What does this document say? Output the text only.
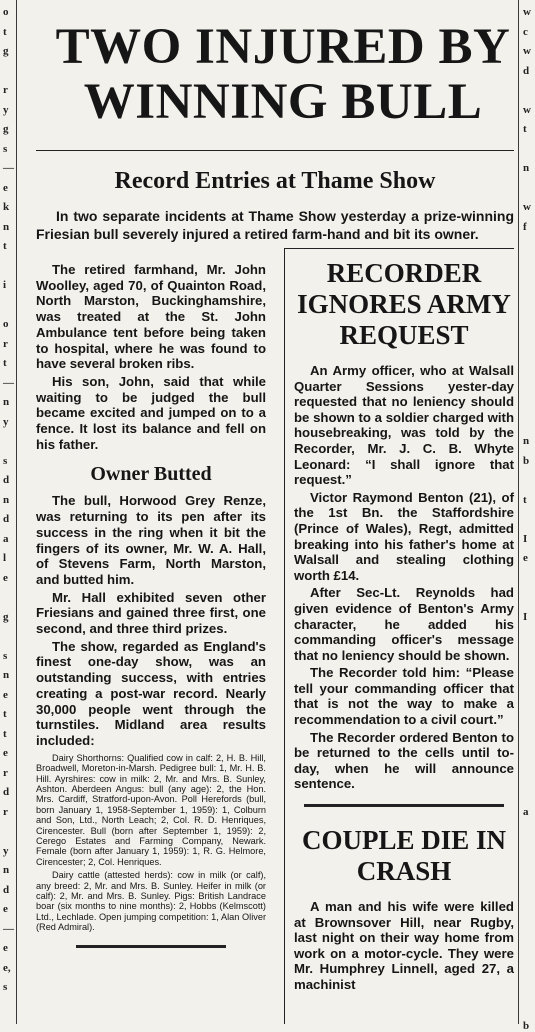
o
t
g
r
y
g
s
—
e
k
n
t
i
o
r
t
—
n
y
s
d
n
d
a
l
e
g
s
n
e
t
t
e
r
d
r
y
n
d
e
—
e
e,
s
w
c
w
d
w
t
n
w
f
n
b
t
I
e
I
a
b
TWO INJURED BY WINNING BULL
Record Entries at Thame Show

In two separate incidents at Thame Show yesterday a prize-winning Friesian bull severely injured a retired farm-hand and bit its owner.

The retired farmhand, Mr. John Woolley, aged 70, of Quainton Road, North Marston, Buckinghamshire, was treated at the St. John Ambulance tent before being taken to hospital, where he was found to have several broken ribs.

His son, John, said that while waiting to be judged the bull became excited and jumped on to a fence. It lost its balance and fell on his father.

Owner Butted

The bull, Horwood Grey Renze, was returning to its pen after its success in the ring when it bit the fingers of its owner, Mr. W. A. Hall, of Stevens Farm, North Marston, and butted him.

Mr. Hall exhibited seven other Friesians and gained three first, one second, and three third prizes.

The show, regarded as England's finest one-day show, was an outstanding success, with entries creating a post-war record. Nearly 30,000 people went through the turnstiles. Midland area results included:

Dairy Shorthorns: Qualified cow in calf: 2, H. B. Hill, Broadwell, Moreton-in-Marsh. Pedigree bull: 1, Mr. H. B. Hill. Ayrshires: cow in milk: 2, Mr. and Mrs. B. Sunley, Ashton. Aberdeen Angus: bull (any age): 2, the Hon. Mrs. Cardiff, Stratford-upon-Avon. Poll Herefords (bull, born January 1, 1958-September 1, 1959): 1, Colburn and Son, Ltd., North Leach; 2, Col. R. D. Henriques, Cirencester. Bull (born after September 1, 1959): 2, Cerego Estates and Farming Company, Newark. Female (born after January 1, 1959): 1, R. G. Helmore, Cirencester; 2, Col. Henriques.

Dairy cattle (attested herds): cow in milk (or calf), any breed: 2, Mr. and Mrs. B. Sunley. Heifer in milk (or calf): 2, Mr. and Mrs. B. Sunley. Pigs: British Landrace boar (six months to nine months): 2, Hobbs (Kelmscott) Ltd., Lechlade. Open jumping competition: 1, Alan Oliver (Red Admiral).

RECORDER IGNORES ARMY REQUEST

An Army officer, who at Walsall Quarter Sessions yester-day requested that no leniency should be shown to a soldier charged with housebreaking, was told by the Recorder, Mr. J. C. B. Whyte Leonard: “I shall ignore that request.”

Victor Raymond Benton (21), of the 1st Bn. the Staffordshire (Prince of Wales), Regt, admitted breaking into his father's home at Walsall and stealing clothing worth £14.

After Sec-Lt. Reynolds had given evidence of Benton's Army character, he added his commanding officer's message that no leniency should be shown.

The Recorder told him: “Please tell your commanding officer that that is not the way to make a recommendation to a civil court.”

The Recorder ordered Benton to be returned to the cells until to-day, when he will announce sentence.

COUPLE DIE IN CRASH

A man and his wife were killed at Brownsover Hill, near Rugby, last night on their way home from work on a motor-cycle. They were Mr. Humphrey Linnell, aged 27, a machinist
